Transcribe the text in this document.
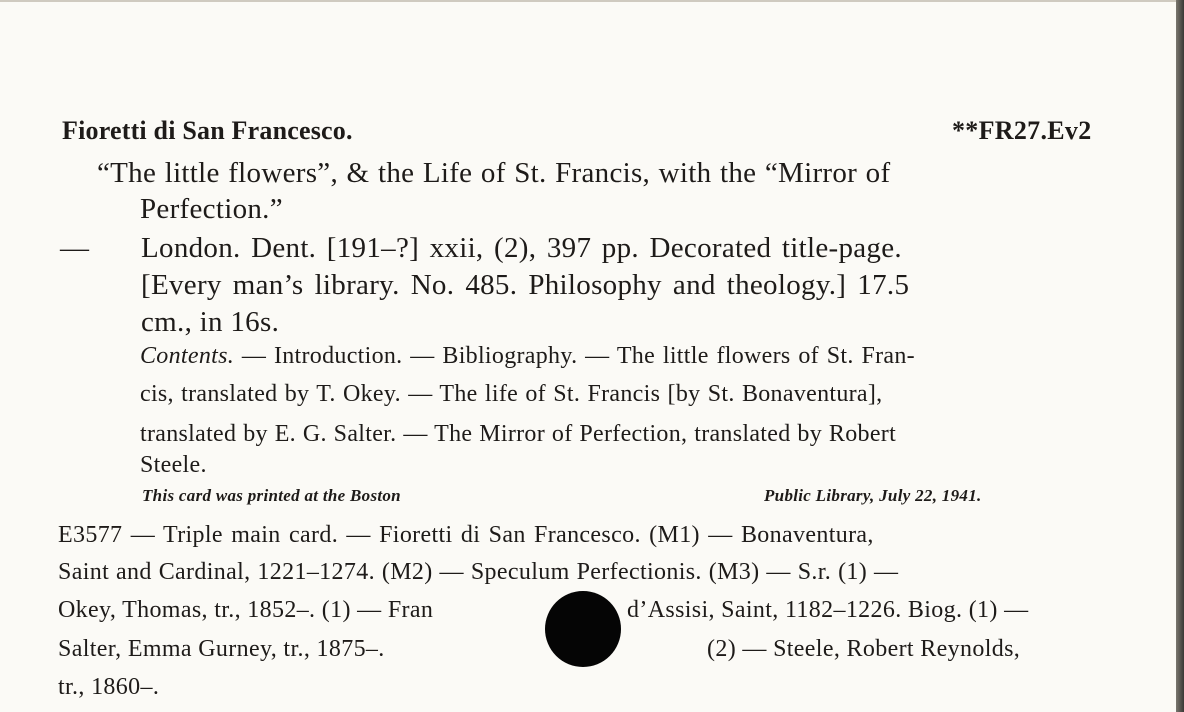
Fioretti di San Francesco.	**FR27.Ev2
“The little flowers”, & the Life of St. Francis, with the “Mirror of
Perfection.”
— London. Dent. [191–?] xxii, (2), 397 pp. Decorated title-page.
[Every man’s library. No. 485. Philosophy and theology.] 17.5
cm., in 16s.
Contents. — Introduction. — Bibliography. — The little flowers of St. Fran-
cis, translated by T. Okey. — The life of St. Francis [by St. Bonaventura],
translated by E. G. Salter. — The Mirror of Perfection, translated by Robert
Steele.
This card was printed at the Boston	Public Library, July 22, 1941.
E3577 — Triple main card. — Fioretti di San Francesco. (M1) — Bonaventura,
Saint and Cardinal, 1221–1274. (M2) — Speculum Perfectionis. (M3) — S.r. (1) —
Okey, Thomas, tr., 1852–. (1) — Fran	d’Assisi, Saint, 1182–1226. Biog. (1) —
Salter, Emma Gurney, tr., 1875–.	(2) — Steele, Robert Reynolds,
tr., 1860–.
